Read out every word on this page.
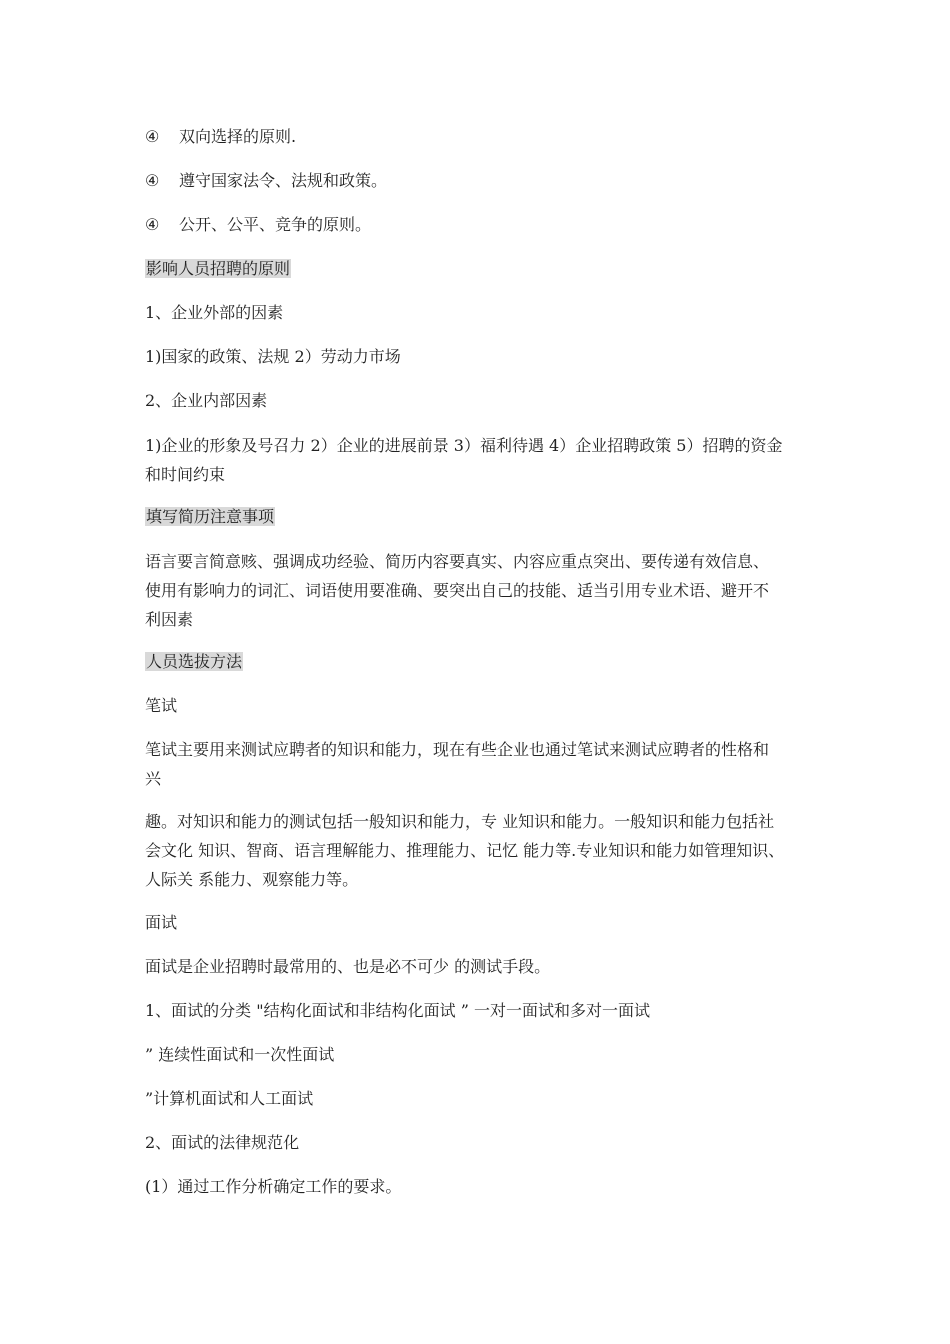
④ 双向选择的原则.
④ 遵守国家法令、法规和政策。
④ 公开、公平、竞争的原则。
影响人员招聘的原则
1、企业外部的因素
1)国家的政策、法规 2）劳动力市场
2、企业内部因素
1)企业的形象及号召力 2）企业的进展前景 3）福利待遇 4）企业招聘政策 5）招聘的资金
和时间约束
填写简历注意事项
语言要言简意赅、强调成功经验、简历内容要真实、内容应重点突出、要传递有效信息、
使用有影响力的词汇、词语使用要准确、要突出自己的技能、适当引用专业术语、避开不
利因素
人员选拔方法
笔试
笔试主要用来测试应聘者的知识和能力，现在有些企业也通过笔试来测试应聘者的性格和
兴
趣。对知识和能力的测试包括一般知识和能力，专 业知识和能力。一般知识和能力包括社
会文化 知识、智商、语言理解能力、推理能力、记忆 能力等.专业知识和能力如管理知识、
人际关 系能力、观察能力等。
面试
面试是企业招聘时最常用的、也是必不可少 的测试手段。
1、面试的分类 "结构化面试和非结构化面试 ” 一对一面试和多对一面试
” 连续性面试和一次性面试
”计算机面试和人工面试
2、面试的法律规范化
(1）通过工作分析确定工作的要求。
